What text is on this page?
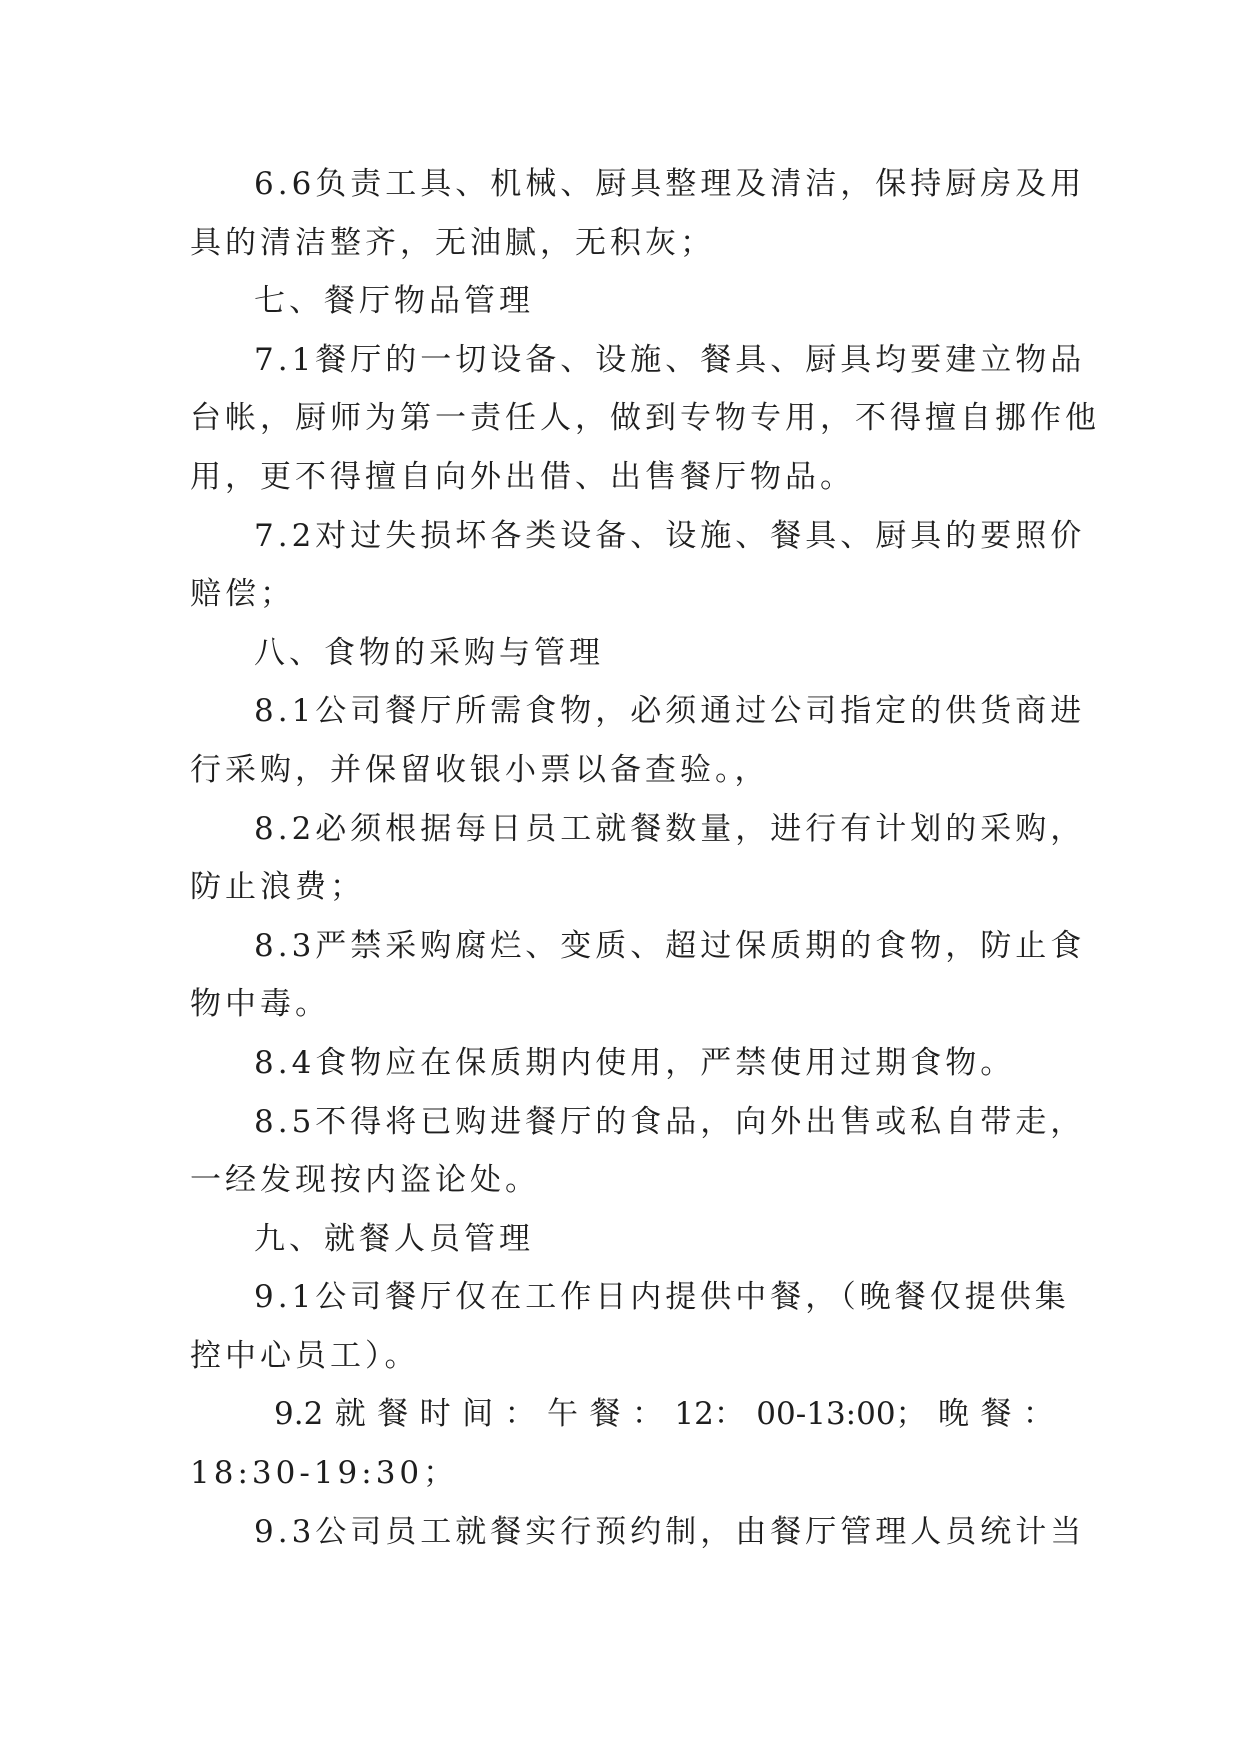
6.6负责工具、机械、厨具整理及清洁，保持厨房及用
具的清洁整齐，无油腻，无积灰；
七、餐厅物品管理
7.1餐厅的一切设备、设施、餐具、厨具均要建立物品
台帐，厨师为第一责任人，做到专物专用，不得擅自挪作他
用，更不得擅自向外出借、出售餐厅物品。
7.2对过失损坏各类设备、设施、餐具、厨具的要照价
赔偿；
八、食物的采购与管理
8.1公司餐厅所需食物，必须通过公司指定的供货商进
行采购，并保留收银小票以备查验。，
8.2必须根据每日员工就餐数量，进行有计划的采购，
防止浪费；
8.3严禁采购腐烂、变质、超过保质期的食物，防止食
物中毒。
8.4食物应在保质期内使用，严禁使用过期食物。
8.5不得将已购进餐厅的食品，向外出售或私自带走，
一经发现按内盗论处。
九、就餐人员管理
9.1公司餐厅仅在工作日内提供中餐，（晚餐仅提供集
控中心员工）。
9.2 就 餐 时 间 ： 午 餐 ： 12： 00-13:00； 晚 餐 ：
18:30-19:30；
9.3公司员工就餐实行预约制，由餐厅管理人员统计当
